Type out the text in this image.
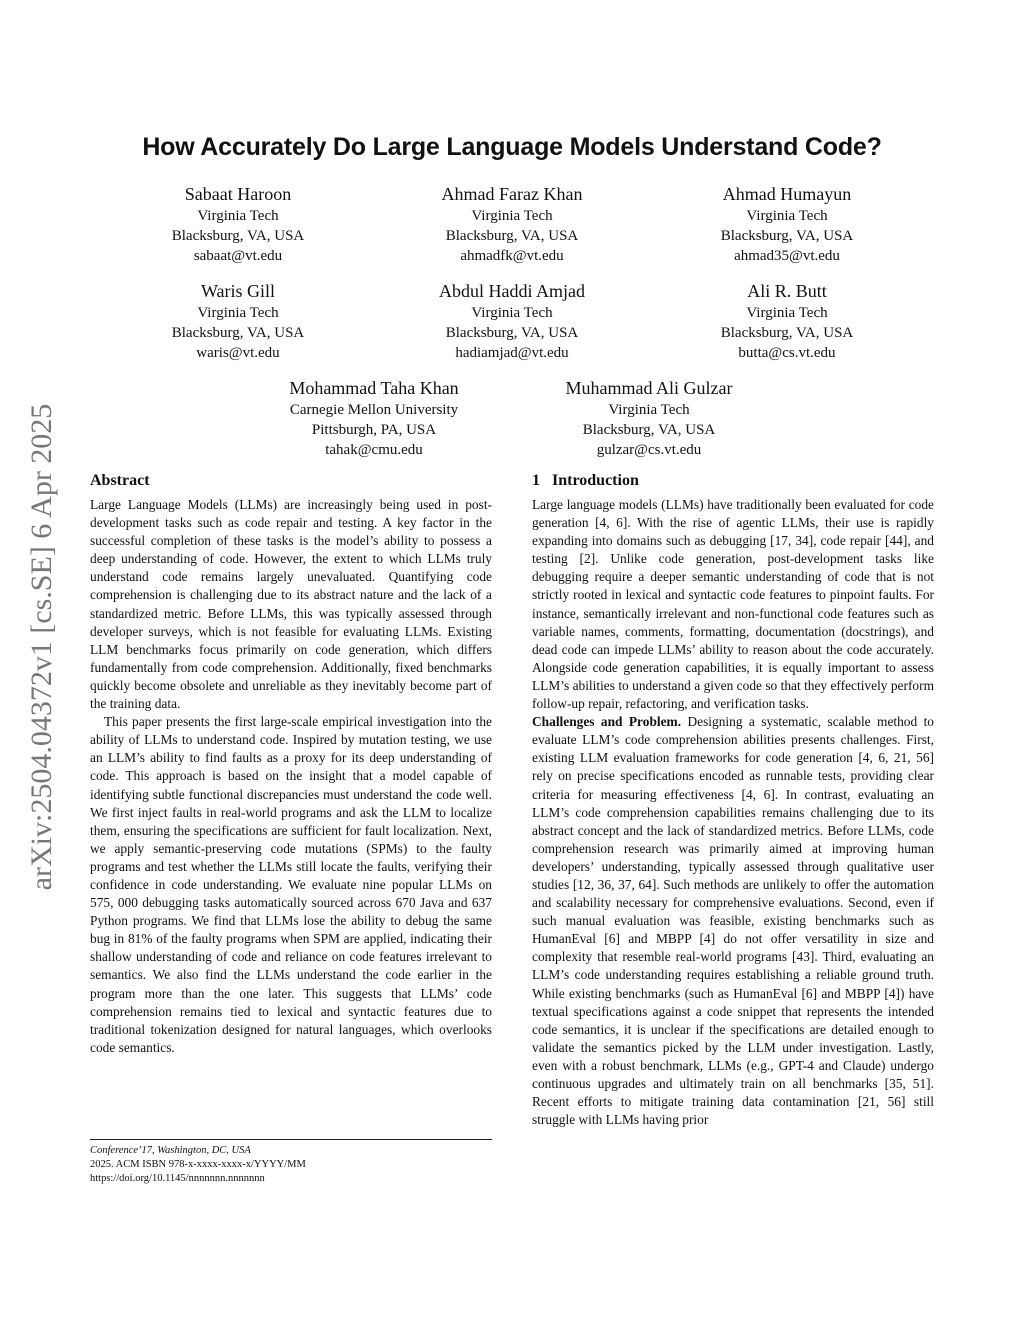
arXiv:2504.04372v1 [cs.SE] 6 Apr 2025
How Accurately Do Large Language Models Understand Code?
Sabaat Haroon
Virginia Tech
Blacksburg, VA, USA
sabaat@vt.edu
Ahmad Faraz Khan
Virginia Tech
Blacksburg, VA, USA
ahmadfk@vt.edu
Ahmad Humayun
Virginia Tech
Blacksburg, VA, USA
ahmad35@vt.edu
Waris Gill
Virginia Tech
Blacksburg, VA, USA
waris@vt.edu
Abdul Haddi Amjad
Virginia Tech
Blacksburg, VA, USA
hadiamjad@vt.edu
Ali R. Butt
Virginia Tech
Blacksburg, VA, USA
butta@cs.vt.edu
Mohammad Taha Khan
Carnegie Mellon University
Pittsburgh, PA, USA
tahak@cmu.edu
Muhammad Ali Gulzar
Virginia Tech
Blacksburg, VA, USA
gulzar@cs.vt.edu
Abstract

Large Language Models (LLMs) are increasingly being used in post-development tasks such as code repair and testing. A key factor in the successful completion of these tasks is the model’s ability to possess a deep understanding of code. However, the extent to which LLMs truly understand code remains largely unevaluated. Quantifying code comprehension is challenging due to its abstract nature and the lack of a standardized metric. Before LLMs, this was typically assessed through developer surveys, which is not feasible for evaluating LLMs. Existing LLM benchmarks focus primarily on code generation, which differs fundamentally from code comprehension. Additionally, fixed benchmarks quickly become obsolete and unreliable as they inevitably become part of the training data.

This paper presents the first large-scale empirical investigation into the ability of LLMs to understand code. Inspired by mutation testing, we use an LLM’s ability to find faults as a proxy for its deep understanding of code. This approach is based on the insight that a model capable of identifying subtle functional discrepancies must understand the code well. We first inject faults in real-world programs and ask the LLM to localize them, ensuring the specifications are sufficient for fault localization. Next, we apply semantic-preserving code mutations (SPMs) to the faulty programs and test whether the LLMs still locate the faults, verifying their confidence in code understanding. We evaluate nine popular LLMs on 575, 000 debugging tasks automatically sourced across 670 Java and 637 Python programs. We find that LLMs lose the ability to debug the same bug in 81% of the faulty programs when SPM are applied, indicating their shallow understanding of code and reliance on code features irrelevant to semantics. We also find the LLMs understand the code earlier in the program more than the one later. This suggests that LLMs’ code comprehension remains tied to lexical and syntactic features due to traditional tokenization designed for natural languages, which overlooks code semantics.

1 Introduction

Large language models (LLMs) have traditionally been evaluated for code generation [4, 6]. With the rise of agentic LLMs, their use is rapidly expanding into domains such as debugging [17, 34], code repair [44], and testing [2]. Unlike code generation, post-development tasks like debugging require a deeper semantic understanding of code that is not strictly rooted in lexical and syntactic code features to pinpoint faults. For instance, semantically irrelevant and non-functional code features such as variable names, comments, formatting, documentation (docstrings), and dead code can impede LLMs’ ability to reason about the code accurately. Alongside code generation capabilities, it is equally important to assess LLM’s abilities to understand a given code so that they effectively perform follow-up repair, refactoring, and verification tasks.

Challenges and Problem. Designing a systematic, scalable method to evaluate LLM’s code comprehension abilities presents challenges. First, existing LLM evaluation frameworks for code generation [4, 6, 21, 56] rely on precise specifications encoded as runnable tests, providing clear criteria for measuring effectiveness [4, 6]. In contrast, evaluating an LLM’s code comprehension capabilities remains challenging due to its abstract concept and the lack of standardized metrics. Before LLMs, code comprehension research was primarily aimed at improving human developers’ understanding, typically assessed through qualitative user studies [12, 36, 37, 64]. Such methods are unlikely to offer the automation and scalability necessary for comprehensive evaluations. Second, even if such manual evaluation was feasible, existing benchmarks such as HumanEval [6] and MBPP [4] do not offer versatility in size and complexity that resemble real-world programs [43]. Third, evaluating an LLM’s code understanding requires establishing a reliable ground truth. While existing benchmarks (such as HumanEval [6] and MBPP [4]) have textual specifications against a code snippet that represents the intended code semantics, it is unclear if the specifications are detailed enough to validate the semantics picked by the LLM under investigation. Lastly, even with a robust benchmark, LLMs (e.g., GPT-4 and Claude) undergo continuous upgrades and ultimately train on all benchmarks [35, 51]. Recent efforts to mitigate training data contamination [21, 56] still struggle with LLMs having prior

Conference’17, Washington, DC, USA
2025. ACM ISBN 978-x-xxxx-xxxx-x/YYYY/MM
https://doi.org/10.1145/nnnnnnn.nnnnnnn
